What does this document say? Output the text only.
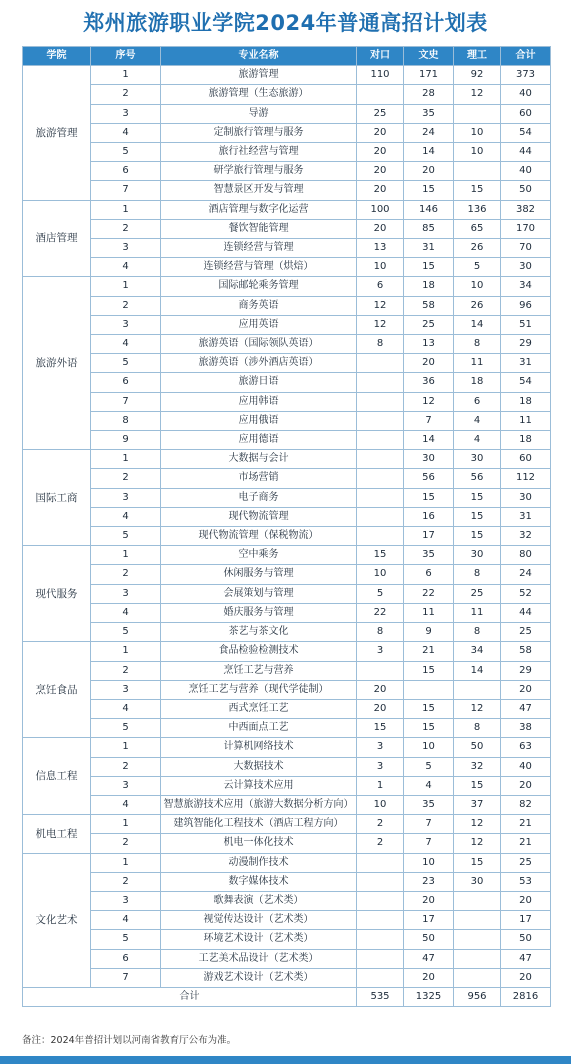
郑州旅游职业学院2024年普通高招计划表
学院	序号	专业名称	对口	文史	理工	合计
旅游管理	1	旅游管理	110	171	92	373
	2	旅游管理（生态旅游）		28	12	40
	3	导游	25	35		60
	4	定制旅行管理与服务	20	24	10	54
	5	旅行社经营与管理	20	14	10	44
	6	研学旅行管理与服务	20	20		40
	7	智慧景区开发与管理	20	15	15	50
酒店管理	1	酒店管理与数字化运营	100	146	136	382
	2	餐饮智能管理	20	85	65	170
	3	连锁经营与管理	13	31	26	70
	4	连锁经营与管理（烘焙）	10	15	5	30
旅游外语	1	国际邮轮乘务管理	6	18	10	34
	2	商务英语	12	58	26	96
	3	应用英语	12	25	14	51
	4	旅游英语（国际领队英语）	8	13	8	29
	5	旅游英语（涉外酒店英语）		20	11	31
	6	旅游日语		36	18	54
	7	应用韩语		12	6	18
	8	应用俄语		7	4	11
	9	应用德语		14	4	18
国际工商	1	大数据与会计		30	30	60
	2	市场营销		56	56	112
	3	电子商务		15	15	30
	4	现代物流管理		16	15	31
	5	现代物流管理（保税物流）		17	15	32
现代服务	1	空中乘务	15	35	30	80
	2	休闲服务与管理	10	6	8	24
	3	会展策划与管理	5	22	25	52
	4	婚庆服务与管理	22	11	11	44
	5	茶艺与茶文化	8	9	8	25
烹饪食品	1	食品检验检测技术	3	21	34	58
	2	烹饪工艺与营养		15	14	29
	3	烹饪工艺与营养（现代学徒制）	20			20
	4	西式烹饪工艺	20	15	12	47
	5	中西面点工艺	15	15	8	38
信息工程	1	计算机网络技术	3	10	50	63
	2	大数据技术	3	5	32	40
	3	云计算技术应用	1	4	15	20
	4	智慧旅游技术应用（旅游大数据分析方向）	10	35	37	82
机电工程	1	建筑智能化工程技术（酒店工程方向）	2	7	12	21
	2	机电一体化技术	2	7	12	21
文化艺术	1	动漫制作技术		10	15	25
	2	数字媒体技术		23	30	53
	3	歌舞表演（艺术类）		20		20
	4	视觉传达设计（艺术类）		17		17
	5	环境艺术设计（艺术类）		50		50
	6	工艺美术品设计（艺术类）		47		47
	7	游戏艺术设计（艺术类）		20		20
合计			535	1325	956	2816
备注：2024年普招计划以河南省教育厅公布为准。
